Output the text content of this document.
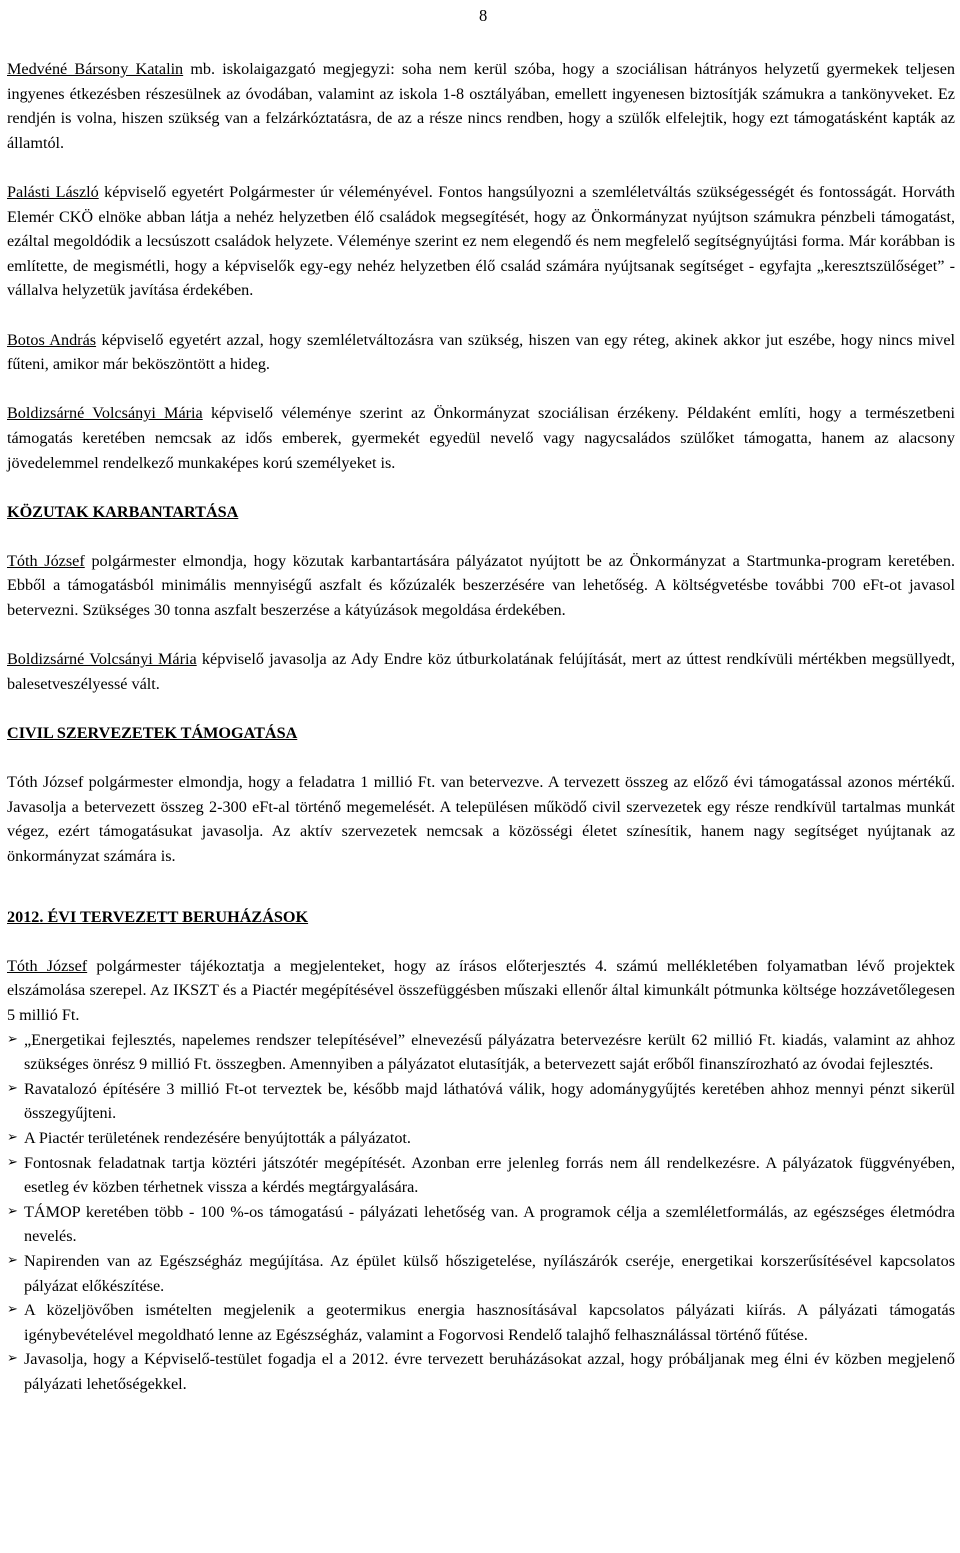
8

Medvéné Bársony Katalin mb. iskolaigazgató megjegyzi: soha nem kerül szóba, hogy a szociálisan hátrányos helyzetű gyermekek teljesen ingyenes étkezésben részesülnek az óvodában, valamint az iskola 1-8 osztályában, emellett ingyenesen biztosítják számukra a tankönyveket. Ez rendjén is volna, hiszen szükség van a felzárkóztatásra, de az a része nincs rendben, hogy a szülők elfelejtik, hogy ezt támogatásként kapták az államtól.

Palásti László képviselő egyetért Polgármester úr véleményével. Fontos hangsúlyozni a szemléletváltás szükségességét és fontosságát. Horváth Elemér CKÖ elnöke abban látja a nehéz helyzetben élő családok megsegítését, hogy az Önkormányzat nyújtson számukra pénzbeli támogatást, ezáltal megoldódik a lecsúszott családok helyzete. Véleménye szerint ez nem elegendő és nem megfelelő segítségnyújtási forma. Már korábban is említette, de megismétli, hogy a képviselők egy-egy nehéz helyzetben élő család számára nyújtsanak segítséget - egyfajta „keresztszülőséget” - vállalva helyzetük javítása érdekében.

Botos András képviselő egyetért azzal, hogy szemléletváltozásra van szükség, hiszen van egy réteg, akinek akkor jut eszébe, hogy nincs mivel fűteni, amikor már beköszöntött a hideg.

Boldizsárné Volcsányi Mária képviselő véleménye szerint az Önkormányzat szociálisan érzékeny. Példaként említi, hogy a természetbeni támogatás keretében nemcsak az idős emberek, gyermekét egyedül nevelő vagy nagycsaládos szülőket támogatta, hanem az alacsony jövedelemmel rendelkező munkaképes korú személyeket is.

KÖZUTAK KARBANTARTÁSA

Tóth József polgármester elmondja, hogy közutak karbantartására pályázatot nyújtott be az Önkormányzat a Startmunka-program keretében. Ebből a támogatásból minimális mennyiségű aszfalt és kőzúzalék beszerzésére van lehetőség. A költségvetésbe további 700 eFt-ot javasol betervezni. Szükséges 30 tonna aszfalt beszerzése a kátyúzások megoldása érdekében.

Boldizsárné Volcsányi Mária képviselő javasolja az Ady Endre köz útburkolatának felújítását, mert az úttest rendkívüli mértékben megsüllyedt, balesetveszélyessé vált.

CIVIL SZERVEZETEK TÁMOGATÁSA

Tóth József polgármester elmondja, hogy a feladatra 1 millió Ft. van betervezve. A tervezett összeg az előző évi támogatással azonos mértékű. Javasolja a betervezett összeg 2-300 eFt-al történő megemelését. A településen működő civil szervezetek egy része rendkívül tartalmas munkát végez, ezért támogatásukat javasolja. Az aktív szervezetek nemcsak a közösségi életet színesítik, hanem nagy segítséget nyújtanak az önkormányzat számára is.

2012. ÉVI TERVEZETT BERUHÁZÁSOK

Tóth József polgármester tájékoztatja a megjelenteket, hogy az írásos előterjesztés 4. számú mellékletében folyamatban lévő projektek elszámolása szerepel. Az IKSZT és a Piactér megépítésével összefüggésben műszaki ellenőr által kimunkált pótmunka költsége hozzávetőlegesen 5 millió Ft.

➢ „Energetikai fejlesztés, napelemes rendszer telepítésével” elnevezésű pályázatra betervezésre került 62 millió Ft. kiadás, valamint az ahhoz szükséges önrész 9 millió Ft. összegben. Amennyiben a pályázatot elutasítják, a betervezett saját erőből finanszírozható az óvodai fejlesztés.
➢ Ravatalozó építésére 3 millió Ft-ot terveztek be, később majd láthatóvá válik, hogy adománygyűjtés keretében ahhoz mennyi pénzt sikerül összegyűjteni.
➢ A Piactér területének rendezésére benyújtották a pályázatot.
➢ Fontosnak feladatnak tartja köztéri játszótér megépítését. Azonban erre jelenleg forrás nem áll rendelkezésre. A pályázatok függvényében, esetleg év közben térhetnek vissza a kérdés megtárgyalására.
➢ TÁMOP keretében több - 100 %-os támogatású - pályázati lehetőség van. A programok célja a szemléletformálás, az egészséges életmódra nevelés.
➢ Napirenden van az Egészségház megújítása. Az épület külső hőszigetelése, nyílászárók cseréje, energetikai korszerűsítésével kapcsolatos pályázat előkészítése.
➢ A közeljövőben ismételten megjelenik a geotermikus energia hasznosításával kapcsolatos pályázati kiírás. A pályázati támogatás igénybevételével megoldható lenne az Egészségház, valamint a Fogorvosi Rendelő talajhő felhasználással történő fűtése.
➢ Javasolja, hogy a Képviselő-testület fogadja el a 2012. évre tervezett beruházásokat azzal, hogy próbáljanak meg élni év közben megjelenő pályázati lehetőségekkel.
